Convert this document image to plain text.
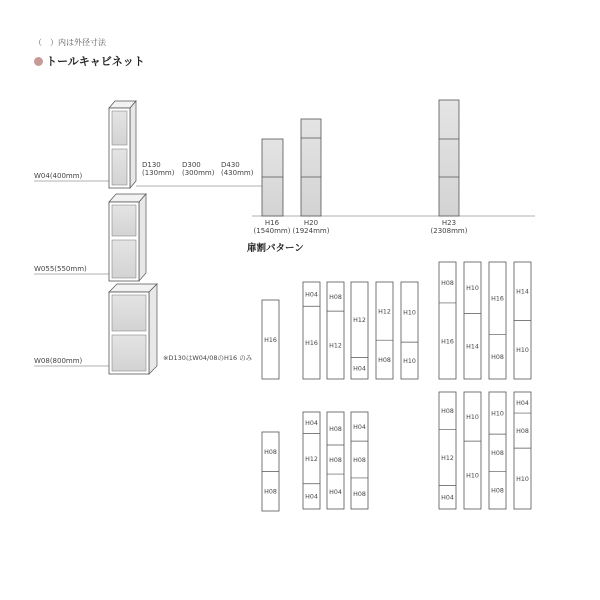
（　）内は外径寸法
トールキャビネット
扉割パターン
W04(400mm)
W055(550mm)
W08(800mm)
D130
(130mm)
D300
(300mm)
D430
(430mm)
※D130はW04/08のH16 のみ
H16
(1540mm)
H20
(1924mm)
H23
(2308mm)
H16
H04
H16
H08
H12
H12
H04
H12
H08
H10
H10
H08
H08
H04
H12
H04
H08
H08
H04
H04
H08
H08
H08
H16
H10
H14
H16
H08
H14
H10
H08
H12
H04
H10
H10
H10
H08
H08
H04
H08
H10
